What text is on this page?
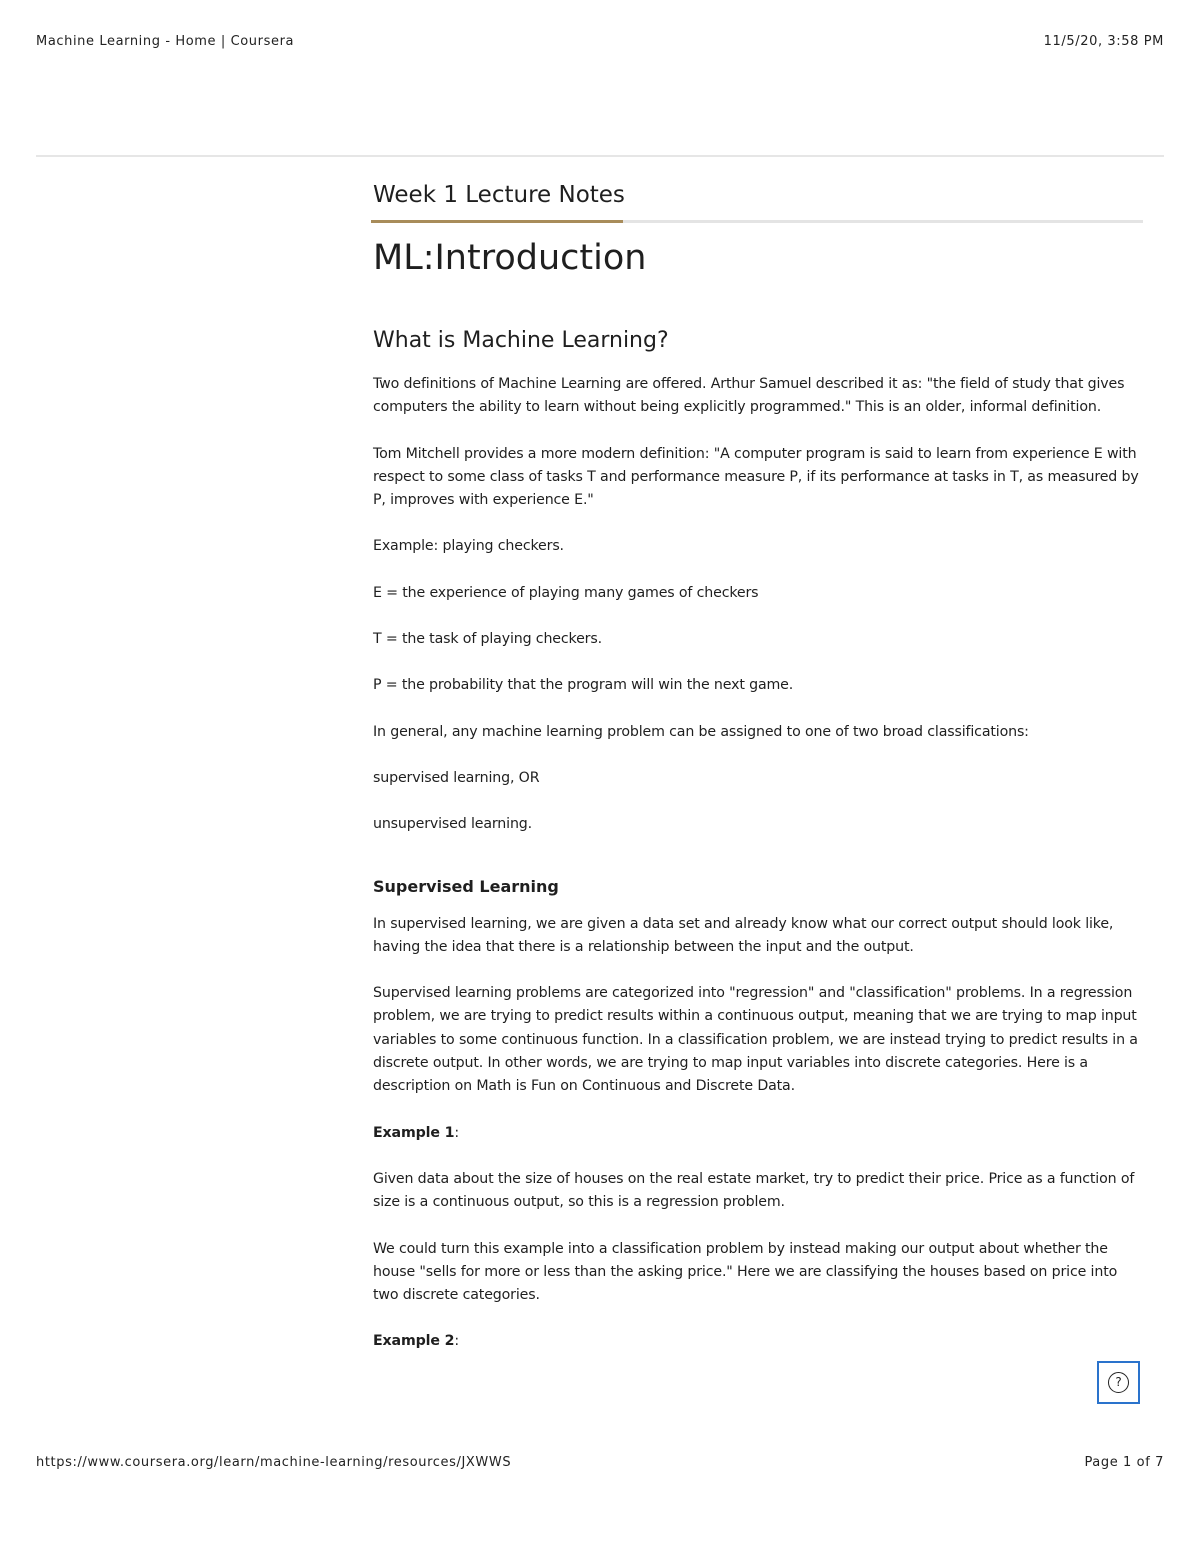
Machine Learning - Home | Coursera	11/5/20, 3:58 PM
Week 1 Lecture Notes
ML:Introduction
What is Machine Learning?

Two definitions of Machine Learning are offered. Arthur Samuel described it as: "the field of study that gives computers the ability to learn without being explicitly programmed." This is an older, informal definition.

Tom Mitchell provides a more modern definition: "A computer program is said to learn from experience E with respect to some class of tasks T and performance measure P, if its performance at tasks in T, as measured by P, improves with experience E."

Example: playing checkers.

E = the experience of playing many games of checkers

T = the task of playing checkers.

P = the probability that the program will win the next game.

In general, any machine learning problem can be assigned to one of two broad classifications:

supervised learning, OR

unsupervised learning.

Supervised Learning

In supervised learning, we are given a data set and already know what our correct output should look like, having the idea that there is a relationship between the input and the output.

Supervised learning problems are categorized into "regression" and "classification" problems. In a regression problem, we are trying to predict results within a continuous output, meaning that we are trying to map input variables to some continuous function. In a classification problem, we are instead trying to predict results in a discrete output. In other words, we are trying to map input variables into discrete categories. Here is a description on Math is Fun on Continuous and Discrete Data.

Example 1:

Given data about the size of houses on the real estate market, try to predict their price. Price as a function of size is a continuous output, so this is a regression problem.

We could turn this example into a classification problem by instead making our output about whether the house "sells for more or less than the asking price." Here we are classifying the houses based on price into two discrete categories.

Example 2:

?
https://www.coursera.org/learn/machine-learning/resources/JXWWS	Page 1 of 7
